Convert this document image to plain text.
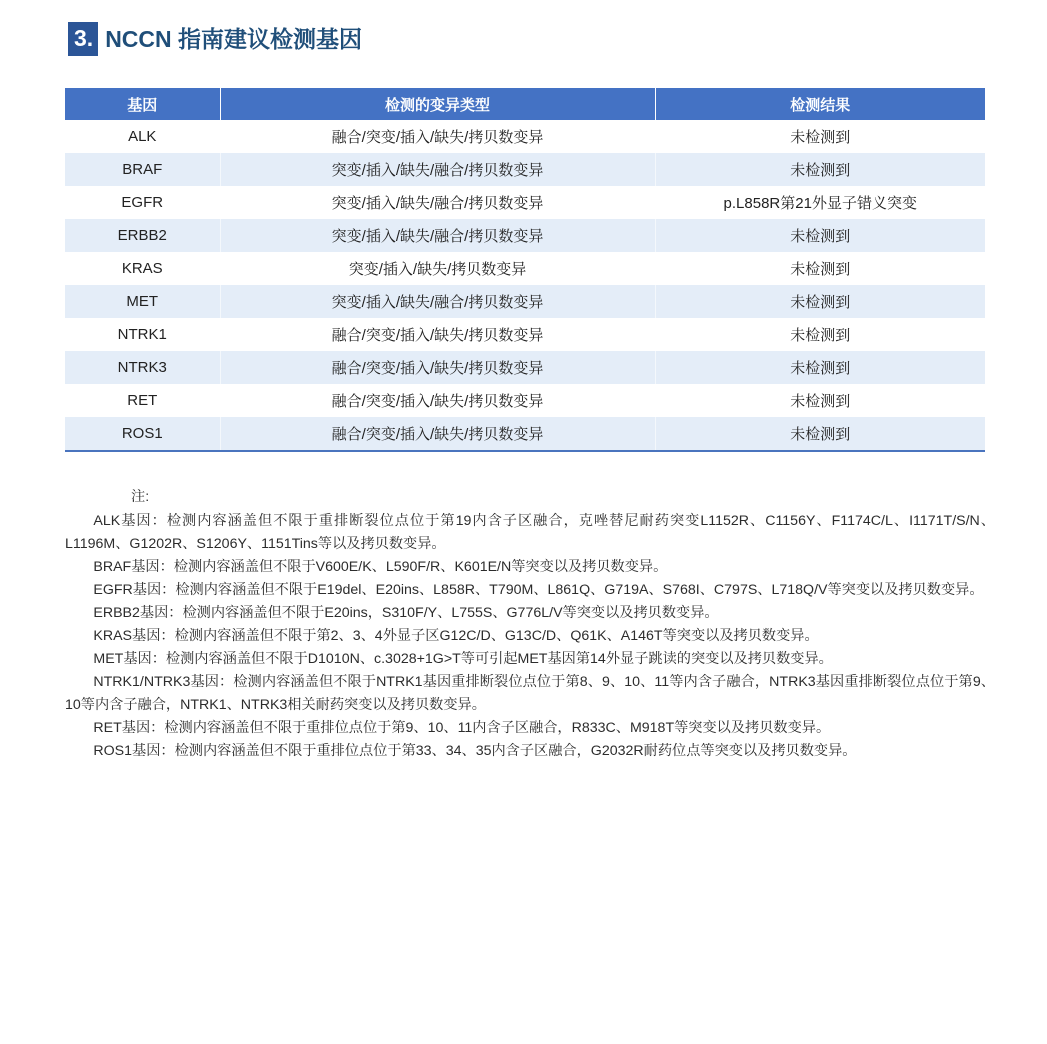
3. NCCN 指南建议检测基因
基因	检测的变异类型	检测结果
ALK	融合/突变/插入/缺失/拷贝数变异	未检测到
BRAF	突变/插入/缺失/融合/拷贝数变异	未检测到
EGFR	突变/插入/缺失/融合/拷贝数变异	p.L858R第21外显子错义突变
ERBB2	突变/插入/缺失/融合/拷贝数变异	未检测到
KRAS	突变/插入/缺失/拷贝数变异	未检测到
MET	突变/插入/缺失/融合/拷贝数变异	未检测到
NTRK1	融合/突变/插入/缺失/拷贝数变异	未检测到
NTRK3	融合/突变/插入/缺失/拷贝数变异	未检测到
RET	融合/突变/插入/缺失/拷贝数变异	未检测到
ROS1	融合/突变/插入/缺失/拷贝数变异	未检测到
注:

ALK基因：检测内容涵盖但不限于重排断裂位点位于第19内含子区融合，克唑替尼耐药突变L1152R、C1156Y、F1174C/L、I1171T/S/N、L1196M、G1202R、S1206Y、1151Tins等以及拷贝数变异。

BRAF基因：检测内容涵盖但不限于V600E/K、L590F/R、K601E/N等突变以及拷贝数变异。

EGFR基因：检测内容涵盖但不限于E19del、E20ins、L858R、T790M、L861Q、G719A、S768I、C797S、L718Q/V等突变以及拷贝数变异。

ERBB2基因：检测内容涵盖但不限于E20ins，S310F/Y、L755S、G776L/V等突变以及拷贝数变异。

KRAS基因：检测内容涵盖但不限于第2、3、4外显子区G12C/D、G13C/D、Q61K、A146T等突变以及拷贝数变异。

MET基因：检测内容涵盖但不限于D1010N、c.3028+1G>T等可引起MET基因第14外显子跳读的突变以及拷贝数变异。

NTRK1/NTRK3基因：检测内容涵盖但不限于NTRK1基因重排断裂位点位于第8、9、10、11等内含子融合，NTRK3基因重排断裂位点位于第9、10等内含子融合，NTRK1、NTRK3相关耐药突变以及拷贝数变异。

RET基因：检测内容涵盖但不限于重排位点位于第9、10、11内含子区融合，R833C、M918T等突变以及拷贝数变异。

ROS1基因：检测内容涵盖但不限于重排位点位于第33、34、35内含子区融合，G2032R耐药位点等突变以及拷贝数变异。
